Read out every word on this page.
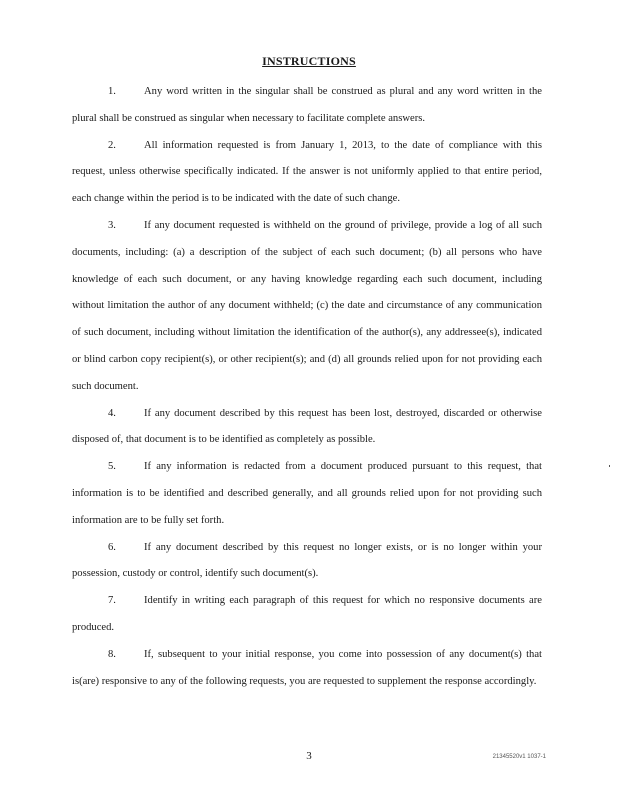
INSTRUCTIONS

1.	Any word written in the singular shall be construed as plural and any word written in the plural shall be construed as singular when necessary to facilitate complete answers.

2.	All information requested is from January 1, 2013, to the date of compliance with this request, unless otherwise specifically indicated. If the answer is not uniformly applied to that entire period, each change within the period is to be indicated with the date of such change.

3.	If any document requested is withheld on the ground of privilege, provide a log of all such documents, including: (a) a description of the subject of each such document; (b) all persons who have knowledge of each such document, or any having knowledge regarding each such document, including without limitation the author of any document withheld; (c) the date and circumstance of any communication of such document, including without limitation the identification of the author(s), any addressee(s), indicated or blind carbon copy recipient(s), or other recipient(s); and (d) all grounds relied upon for not providing each such document.

4.	If any document described by this request has been lost, destroyed, discarded or otherwise disposed of, that document is to be identified as completely as possible.

5.	If any information is redacted from a document produced pursuant to this request, that information is to be identified and described generally, and all grounds relied upon for not providing such information are to be fully set forth.

6.	If any document described by this request no longer exists, or is no longer within your possession, custody or control, identify such document(s).

7.	Identify in writing each paragraph of this request for which no responsive documents are produced.

8.	If, subsequent to your initial response, you come into possession of any document(s) that is(are) responsive to any of the following requests, you are requested to supplement the response accordingly.

3	21345520v1 1037-1
